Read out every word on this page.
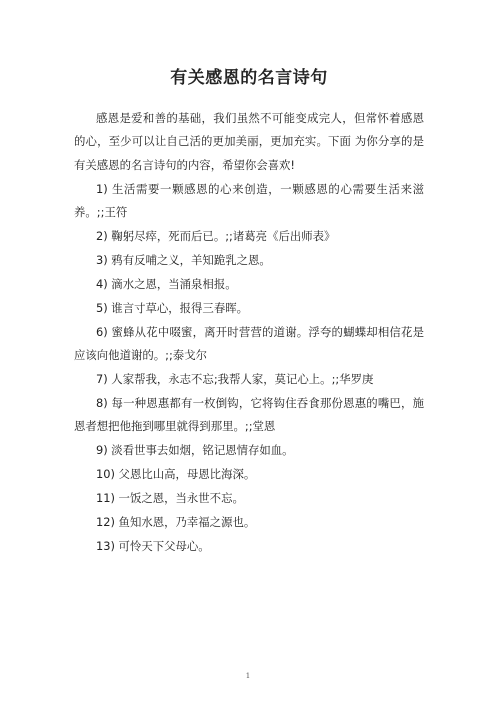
有关感恩的名言诗句

感恩是爱和善的基础，我们虽然不可能变成完人，但常怀着感恩的心，至少可以让自己活的更加美丽，更加充实。下面 为你分享的是有关感恩的名言诗句的内容，希望你会喜欢!

1) 生活需要一颗感恩的心来创造，一颗感恩的心需要生活来滋养。;;王符

2) 鞠躬尽瘁，死而后已。;;诸葛亮《后出师表》

3) 鸦有反哺之义，羊知跪乳之恩。

4) 滴水之恩，当涌泉相报。

5) 谁言寸草心，报得三春晖。

6) 蜜蜂从花中啜蜜，离开时营营的道谢。浮夸的蝴蝶却相信花是应该向他道谢的。;;泰戈尔

7) 人家帮我，永志不忘;我帮人家，莫记心上。;;华罗庚

8) 每一种恩惠都有一枚倒钩，它将钩住吞食那份恩惠的嘴巴，施恩者想把他拖到哪里就得到那里。;;堂恩

9) 淡看世事去如烟，铭记恩情存如血。

10) 父恩比山高，母恩比海深。

11) 一饭之恩，当永世不忘。

12) 鱼知水恩，乃幸福之源也。

13) 可怜天下父母心。

1
